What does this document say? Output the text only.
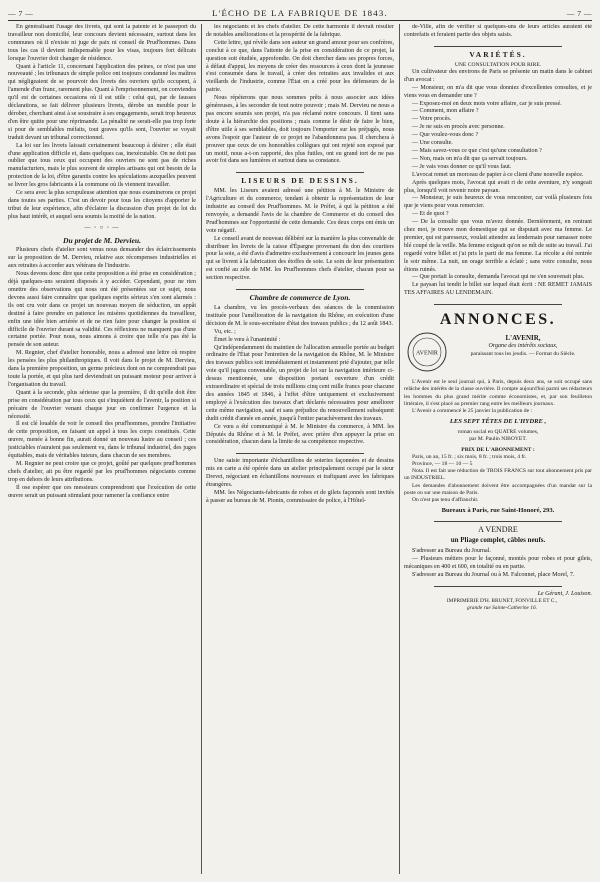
— 7 —	L'ÉCHO DE LA FABRIQUE DE 1843.	— 7 —

En généralisant l'usage des livrets, qui sont la patente et le passeport du travailleur non domicilié, leur concours devient nécessaire, surtout dans les communes où il n'existe ni juge de paix ni conseil de Prud'hommes. Dans tous les cas il devient indispensable pour les visas, toujours fort délicats lorsque l'ouvrier doit changer de résidence.

Quant à l'article 11, concernant l'application des peines, ce n'est pas une nouveauté ; les tribunaux de simple police ont toujours condamné les maîtres qui négligeaient de se pourvoir des livrets des ouvriers qu'ils occupent, à l'amende d'un franc, rarement plus. Quant à l'emprisonnement, on conviendra qu'il est de certaines occasions où il est utile : celui qui, par de fausses déclarations, se fait délivrer plusieurs livrets, dérobe un meuble pour le dérober, cherchant ainsi à se soustraire à ses engagements, serait trop heureux d'en être quitte pour une réprimande. La pénalité ne serait-elle pas trop forte si pour de semblables méfaits, tout graves qu'ils sont, l'ouvrier se voyait traduit devant un tribunal correctionnel.

La loi sur les livrets laissait certainement beaucoup à désirer ; elle était d'une application difficile et, dans quelques cas, inexécutable. On ne doit pas oublier que tous ceux qui occupent des ouvriers ne sont pas de riches manufacturiers, mais le plus souvent de simples artisans qui ont besoin de la protection de la loi, d'être garantis contre les spéculations auxquelles peuvent se livrer les gros fabricants à la commune où ils viennent travailler.

Ce sera avec la plus scrupuleuse attention que nous examinerons ce projet dans toutes ses parties. C'est un devoir pour tous les citoyens d'apporter le tribut de leur expérience, afin d'éclairer la discussion d'un projet de loi du plus haut intérêt, et auquel sera soumis la moitié de la nation.

— ◦ ○ ◦ —

Du projet de M. Dervieu.

Plusieurs chefs d'atelier sont venus nous demander des éclaircissements sur la proposition de M. Dervieu, relative aux récompenses industrielles et aux retraites à accorder aux vétérans de l'industrie.

Nous devons donc dire que cette proposition a été prise en considération ; déjà quelques-uns seraient disposés à y accéder. Cependant, pour ne rien omettre des observations qui nous ont été présentées sur ce sujet, nous devons aussi faire connaître que quelques esprits sérieux s'en sont alarmés : ils ont cru voir dans ce projet un nouveau moyen de séduction, un appât destiné à faire prendre en patience les misères quotidiennes du travailleur, enfin une idée bien arriérée et de ne rien faire pour changer la position si difficile de l'ouvrier durant sa validité. Ces réflexions ne manquent pas d'une certaine portée. Pour nous, nous aimons à croire que telle n'a pas été la pensée de son auteur.

M. Regnier, chef d'atelier honorable, nous a adressé une lettre où respire les pensées les plus philanthropiques. Il voit dans le projet de M. Dervieu, dans la première proposition, un germe précieux dont on ne comprendrait pas toute la portée, et qui plus tard deviendrait un puissant moteur pour arriver à l'organisation du travail.

Quant à la seconde, plus sérieuse que la première, il dit qu'elle doit être prise en considération par tous ceux qui s'inquiètent de l'avenir, la position si précaire de l'ouvrier venant chaque jour en confirmer l'urgence et la nécessité.

Il est clé louable de voir le conseil des prud'hommes, prendre l'initiative de cette proposition, en faisant un appel à tous les corps constitués. Cette œuvre, menée à bonne fin, aurait donné un nouveau lustre au conseil ; ces justiciables n'auraient pas seulement vu, dans le tribunal industriel, des juges équitables, mais de véritables tuteurs, dans chacun de ses membres.

M. Regnier ne peut croire que ce projet, goûté par quelques prud'hommes chefs d'atelier, ait pu être regardé par les prud'hommes négociants comme trop en dehors de leurs attributions.

Il ose espérer que ces messieurs comprendront que l'exécution de cette œuvre serait un puissant stimulant pour ramener la confiance entre

les négociants et les chefs d'atelier. De cette harmonie il devrait résulter de notables améliorations et la prospérité de la fabrique.

Cette lettre, qui révèle dans son auteur un grand amour pour ses confrères, conclut à ce que, dans l'attente de la prise en considération de ce projet, la question soit étudiée, approfondie. On doit chercher dans ses propres forces, à défaut d'appui, les moyens de créer des ressources à ceux dont la jeunesse s'est consumée dans le travail, à créer des retraites aux invalides et aux vieillards de l'industrie, comme l'État en a créé pour les défenseurs de la patrie.

Nous répéterons que nous sommes prêts à nous associer aux idées généreuses, à les seconder de tout notre pouvoir ; mais M. Dervieu ne nous a pas encore soumis son projet, n'a pas réclamé notre concours. Il tient sans doute à la hiérarchie des positions ; mais comme le désir de faire le bien, d'être utile à ses semblables, doit toujours l'emporter sur les préjugés, nous avons l'espoir que l'auteur de ce projet ne l'abandonnera pas. Il cherchera à prouver que ceux de ces honorables collègues qui ont rejeté son exposé par un motif, nous a-t-on rapporté, des plus futiles, ont eu grand tort de ne pas avoir foi dans ses lumières et surtout dans sa constance.

LISEURS DE DESSINS.

MM. les Liseurs avaient adressé une pétition à M. le Ministre de l'Agriculture et du commerce, tendant à obtenir la représentation de leur industrie au conseil des Prud'hommes. M. le Préfet, à qui la pétition a été renvoyée, a demandé l'avis de la chambre de Commerce et du conseil des Prud'hommes sur l'opportunité de cette demande. Ces deux corps ont émis un vote négatif.

Le conseil avant de nouveau délibéré sur la manière la plus convenable de distribuer les livrets de la caisse d'Épargne provenant du don des courtiers pour la soie, a été d'avis d'admettre exclusivement à concourir les jeunes gens qui se livrent à la fabrication des étoffes de soie. Le soin de leur présentation est confié au zèle de MM. les Prud'hommes chefs d'atelier, chacun pour sa section respective.

Chambre de commerce de Lyon.

La chambre, vu les procès-verbaux des séances de la commission instituée pour l'amélioration de la navigation du Rhône, en exécution d'une décision de M. le sous-secrétaire d'état des travaux publics ; du 12 août 1843.

Vu, etc. ;

Émet le vœu à l'unanimité :

Qu'indépendamment du maintien de l'allocation annuelle portée au budget ordinaire de l'État pour l'entretien de la navigation du Rhône, M. le Ministre des travaux publics soit immédiatement et instamment prié d'ajouter, par telle voie qu'il jugera convenable, un projet de loi sur la navigation intérieure ci-dessus mentionnée, une disposition portant ouverture d'un crédit extraordinaire et spécial de trois millions cinq cent mille francs pour chacune des années 1845 et 1846, à l'effet d'être uniquement et exclusivement employé à l'exécution des travaux d'art déclarés nécessaires pour améliorer cette même navigation, sauf et sans préjudice du renouvellement subséquent dudit crédit d'année en année, jusqu'à l'entier parachèvement des travaux.

Ce vœu a été communiqué à M. le Ministre du commerce, à MM. les Députés du Rhône et à M. le Préfet, avec prière d'en appuyer la prise en considération, chacun dans la limite de sa compétence respective.

Une saisie importante d'échantillons de soieries façonnées et de dessins mis en carte a été opérée dans un atelier principalement occupé par le sieur Drevet, négociant en échantillons nouveaux et trafiquant avec les fabriques étrangères.

MM. les Négociants-fabricants de robes et de gilets façonnés sont invités à passer au bureau de M. Pionin, commissaire de police, à l'Hôtel-

de-Ville, afin de vérifier si quelques-uns de leurs articles auraient été contrefaits et feraient partie des objets saisis.

VARIÉTÉS.

UNE CONSULTATION POUR RIRE.

Un cultivateur des environs de Paris se présente un matin dans le cabinet d'un avocat :

— Monsieur, on m'a dit que vous donniez d'excellentes consultes, et je viens vous en demander une ?

— Exposez-moi en deux mots votre affaire, car je suis pressé.

— Comment, mon affaire ?

— Votre procès.

— Je ne suis en procès avec personne.

— Que voulez-vous donc ?

— Une consulte.

— Mais savez-vous ce que c'est qu'une consultation ?

— Non, mais on m'a dit que ça servait toujours.

— Je vais vous donner ce qu'il vous faut.

L'avocat remet un morceau de papier à ce client d'une nouvelle espèce.

Après quelques mois, l'avocat qui avait ri de cette aventure, n'y songeait plus, lorsqu'il voit revenir notre paysan.

— Monsieur, je suis heureux de vous rencontrer, car voilà plusieurs fois que je viens pour vous remercier.

— Et de quoi ?

— De la consulte que vous m'avez donnée. Dernièrement, en rentrant chez moi, je trouve mon domestique qui se disputait avec ma femme. Le premier, qui est paresseux, voulait attendre au lendemain pour ramasser notre blé coupé de la veille. Ma femme exigeait qu'on se mît de suite au travail. J'ai regardé votre billet et j'ai pris le parti de ma femme. La récolte a été rentrée le soir même. La nuit, un orage terrible a éclaté ; sans votre consulte, nous étions ruinés.

— Que portait la consulte, demanda l'avocat qui ne s'en souvenait plus.

Le paysan lui tendit le billet sur lequel était écrit : NE REMET JAMAIS TES AFFAIRES AU LENDEMAIN.

ANNONCES.

AVENIR

L'AVENIR,

Organe des intérêts sociaux,

paraissant tous les jeudis. — Format du Siècle.

L'Avenir est le seul journal qui, à Paris, depuis deux ans, se soit occupé sans relâche des intérêts de la classe ouvrière. Il compte aujourd'hui parmi ses rédacteurs les hommes du plus grand mérite comme économistes, et, par son feuilleton littéraire, il s'est placé au premier rang entre les meilleurs journaux.

L'Avenir a commencé le 25 janvier la publication de :

LES SEPT TÊTES DE L'HYDRE ,

roman social en QUATRE volumes,

par M. Paulin NIBOYET.

PRIX DE L'ABONNEMENT :

Paris, un an, 15 fr. ; six mois, 8 fr. ; trois mois, 4 fr.

Province, — 18 — 10 — 5

Nota. Il est fait une réduction de TROIS FRANCS sur tout abonnement pris par un INDUSTRIEL.

Les demandes d'abonnement doivent être accompagnées d'un mandat sur la poste ou sur une maison de Paris.

On n'est pas tenu d'affranchir.

Bureaux à Paris, rue Saint-Honoré, 293.

A VENDRE

un Pliage complet, câbles neufs.

S'adresser au Bureau du Journal.

— Plusieurs métiers pour le façonné, montés pour robes et pour gilets, mécaniques en 400 et 600, en totalité ou en partie.

S'adresser au Bureau du Journal ou à M. Falconnet, place Morel, 7.

Le Gérant, J. Louison.

IMPRIMERIE D'H. BRUNET, FONVILLE ET C.,

grande rue Sainte-Catherine 16.
